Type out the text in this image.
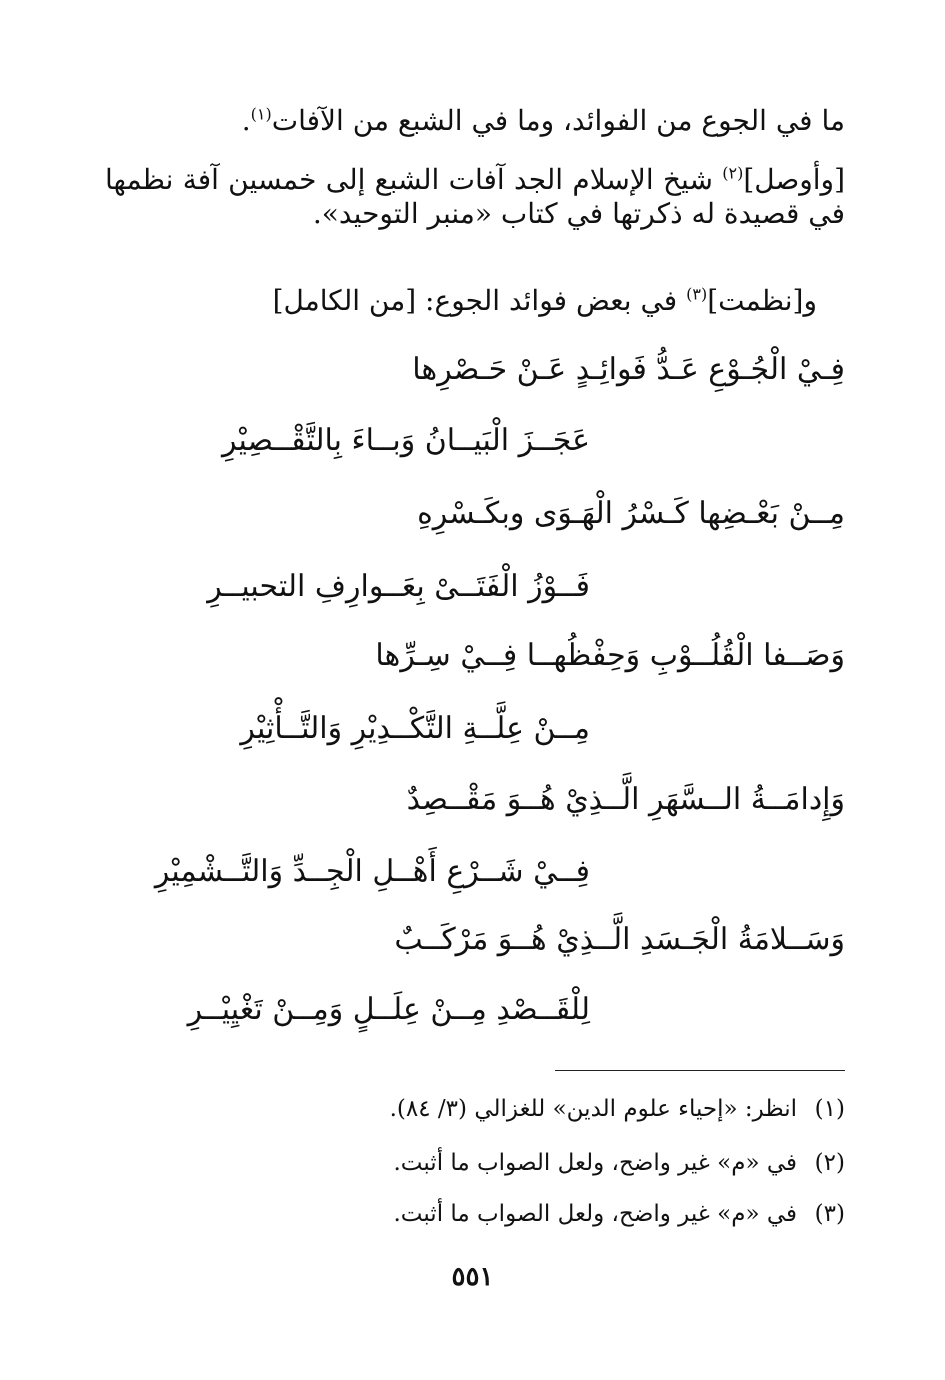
ما في الجوع من الفوائد، وما في الشبع من الآفات$^{(١)}$.
[وأوصل]$^{(٢)}$ شيخ الإسلام الجد آفات الشبع إلى خمسين آفة نظمها في قصيدة له ذكرتها في كتاب «منبر التوحيد».
و[نظمت]$^{(٣)}$ في بعض فوائد الجوع: [من الكامل]
فِـيْ الْجُـوْعِ عَـدُّ فَوائِـدٍ عَـنْ حَـصْرِها
عَجَــزَ الْبَيــانُ وَبــاءَ بِالتَّقْــصِيْرِ
مِــنْ بَعْـضِها كَـسْرُ الْهَـوَى وبكَـسْرِهِ
فَــوْزُ الْفَتَــىْ بِعَــوارِفِ التحبيــرِ
وَصَــفا الْقُلُــوْبِ وَحِفْظُهــا فِــيْ سِـرِّها
مِــنْ عِلَّــةِ التَّكْــدِيْرِ وَالتَّــأْثِيْرِ
وَإِدامَــةُ الــسَّهَرِ الَّــذِيْ هُــوَ مَقْــصِدٌ
فِــيْ شَــرْعِ أَهْــلِ الْجِــدِّ وَالتَّــشْمِيْرِ
وَسَــلامَةُ الْجَـسَدِ الَّــذِيْ هُــوَ مَرْكَــبٌ
لِلْقَــصْدِ مِــنْ عِلَــلٍ وَمِــنْ تَغْيِيْــرِ
(١)انظر: «إحياء علوم الدين» للغزالي (٣/ ٨٤).
(٢)في «م» غير واضح، ولعل الصواب ما أثبت.
(٣)في «م» غير واضح، ولعل الصواب ما أثبت.
٥٥١
